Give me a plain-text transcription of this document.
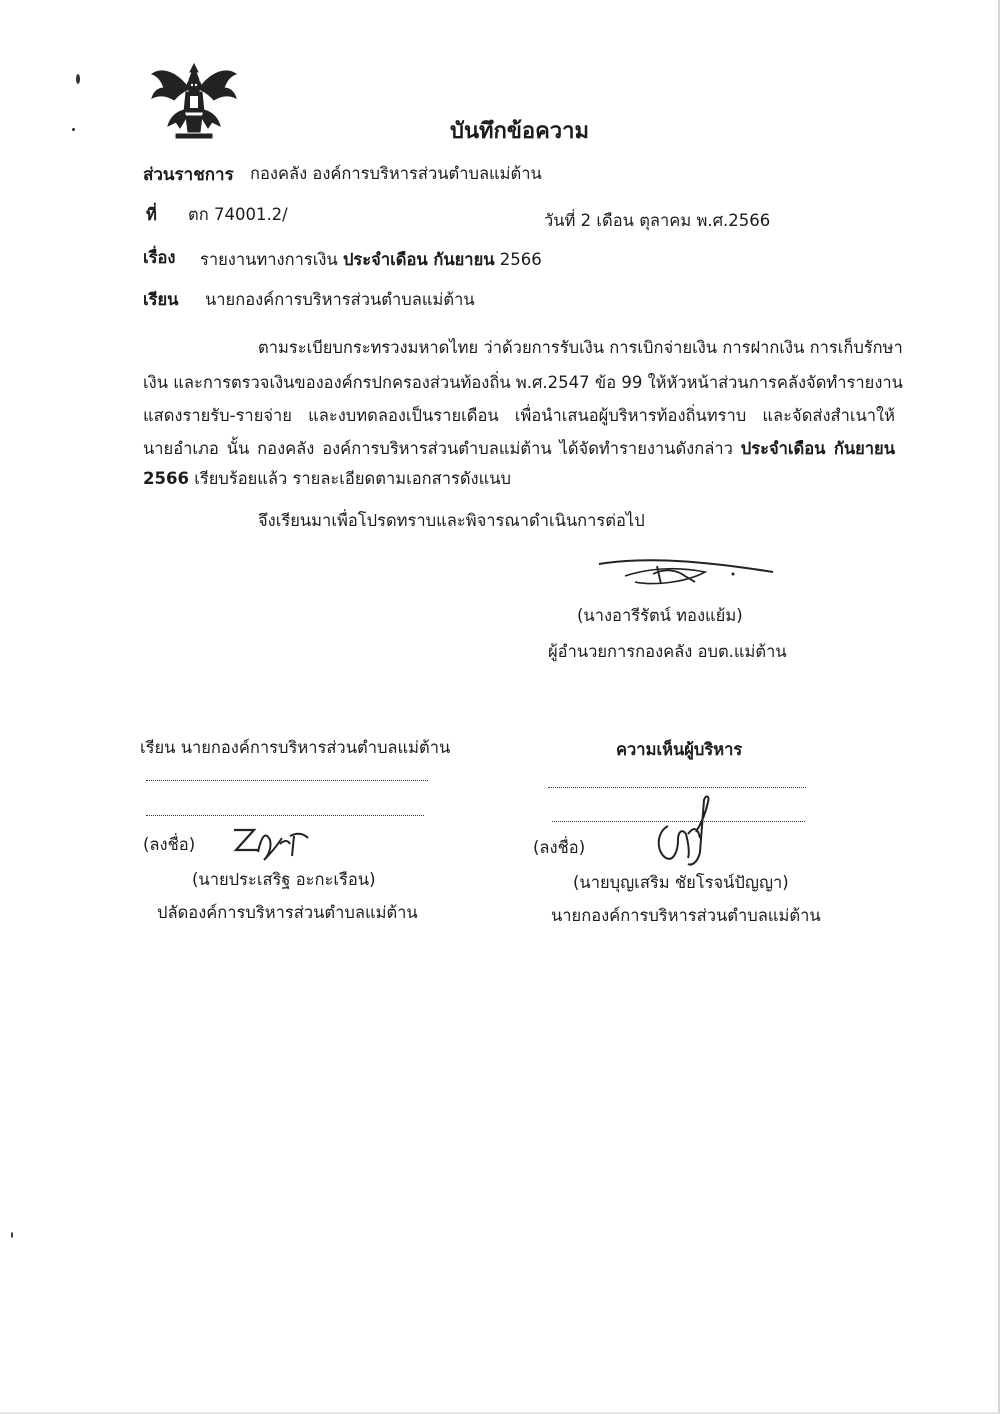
บันทึกข้อความ
ส่วนราชการ กองคลัง องค์การบริหารส่วนตำบลแม่ต้าน
ที่ ตก 74001.2/	วันที่ 2 เดือน ตุลาคม พ.ศ.2566
เรื่อง รายงานทางการเงิน ประจำเดือน กันยายน 2566
เรียน นายกองค์การบริหารส่วนตำบลแม่ต้าน
ตามระเบียบกระทรวงมหาดไทย ว่าด้วยการรับเงิน การเบิกจ่ายเงิน การฝากเงิน การเก็บรักษา
เงิน และการตรวจเงินขององค์กรปกครองส่วนท้องถิ่น พ.ศ.2547 ข้อ 99 ให้หัวหน้าส่วนการคลังจัดทำรายงาน
แสดงรายรับ-รายจ่าย และงบทดลองเป็นรายเดือน เพื่อนำเสนอผู้บริหารท้องถิ่นทราบ และจัดส่งสำเนาให้
นายอำเภอ นั้น กองคลัง องค์การบริหารส่วนตำบลแม่ต้าน ได้จัดทำรายงานดังกล่าว ประจำเดือน กันยายน
2566 เรียบร้อยแล้ว รายละเอียดตามเอกสารดังแนบ
จึงเรียนมาเพื่อโปรดทราบและพิจารณาดำเนินการต่อไป
(นางอารีรัตน์ ทองแย้ม)
ผู้อำนวยการกองคลัง อบต.แม่ต้าน
เรียน นายกองค์การบริหารส่วนตำบลแม่ต้าน
(ลงชื่อ)
(นายประเสริฐ อะกะเรือน)
ปลัดองค์การบริหารส่วนตำบลแม่ต้าน
ความเห็นผู้บริหาร
(ลงชื่อ)
(นายบุญเสริม ชัยโรจน์ปัญญา)
นายกองค์การบริหารส่วนตำบลแม่ต้าน
